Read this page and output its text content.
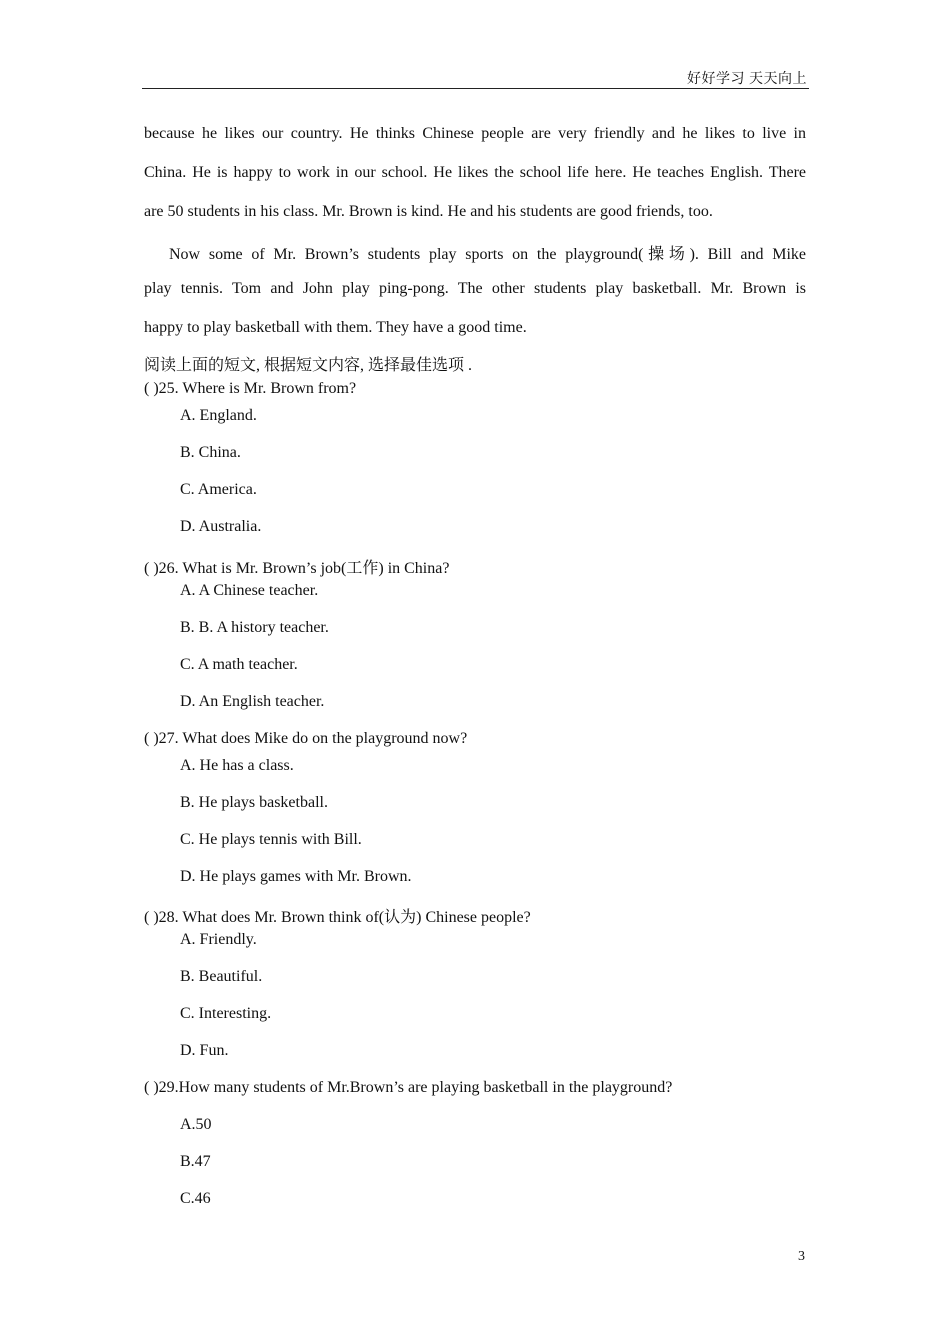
好好学习 天天向上
because he likes our country. He thinks Chinese people are very friendly and he likes to live in
China. He is happy to work in our school. He likes the school life here. He teaches English. There
are 50 students in his class. Mr. Brown is kind. He and his students are good friends, too.
Now some of Mr. Brown’s students play sports on the playground(操场). Bill and Mike
play tennis. Tom and John play ping-pong. The other students play basketball. Mr. Brown is
happy to play basketball with them. They have a good time.
阅读上面的短文, 根据短文内容, 选择最佳选项 .
( )25. Where is Mr. Brown from?
A. England.
B. China.
C. America.
D. Australia.
( )26. What is Mr. Brown’s job(工作) in China?
A. A Chinese teacher.
B. B. A history teacher.
C. A math teacher.
D. An English teacher.
( )27. What does Mike do on the playground now?
A. He has a class.
B. He plays basketball.
C. He plays tennis with Bill.
D. He plays games with Mr. Brown.
( )28. What does Mr. Brown think of(认为) Chinese people?
A. Friendly.
B. Beautiful.
C. Interesting.
D. Fun.
( )29.How many students of Mr.Brown’s are playing basketball in the playground?
A.50
B.47
C.46
3
